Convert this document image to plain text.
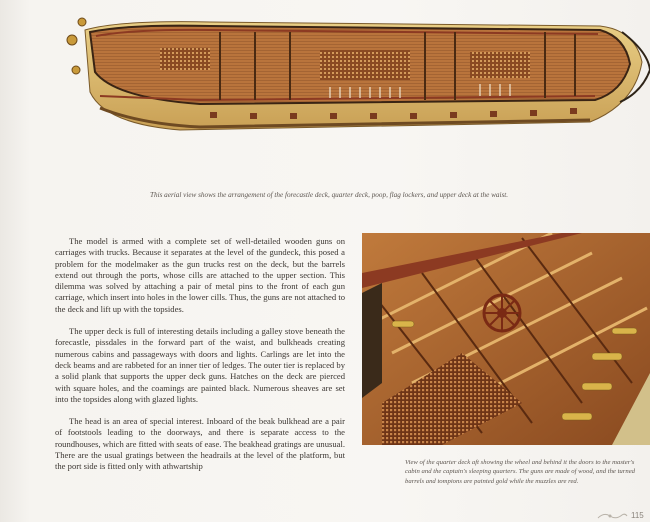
This aerial view shows the arrangement of the forecastle deck, quarter deck, poop, flag lockers, and upper deck at the waist.

The model is armed with a complete set of well-detailed wooden guns on carriages with trucks. Because it separates at the level of the gundeck, this posed a problem for the modelmaker as the gun trucks rest on the deck, but the barrels extend out through the ports, whose cills are attached to the upper section. This dilemma was solved by attaching a pair of metal pins to the front of each gun carriage, which insert into holes in the lower cills. Thus, the guns are not attached to the deck and lift up with the topsides.

The upper deck is full of interesting details including a galley stove beneath the forecastle, pissdales in the forward part of the waist, and bulkheads creating numerous cabins and passageways with doors and lights. Carlings are let into the deck beams and are rabbeted for an inner tier of ledges. The outer tier is replaced by a solid plank that supports the upper deck guns. Hatches on the deck are pierced with square holes, and the coamings are painted black. Numerous sheaves are set into the topsides along with glazed lights.

The head is an area of special interest. Inboard of the beak bulkhead are a pair of footstools leading to the doorways, and there is separate access to the roundhouses, which are fitted with seats of ease. The beakhead gratings are unusual. There are the usual gratings between the headrails at the level of the platform, but the port side is fitted only with athwartship	View of the quarter deck aft showing the wheel and behind it the doors to the master's
cabin and the captain's sleeping quarters. The guns are made of wood, and the turned
barrels and tompions are painted gold while the muzzles are red.
115
